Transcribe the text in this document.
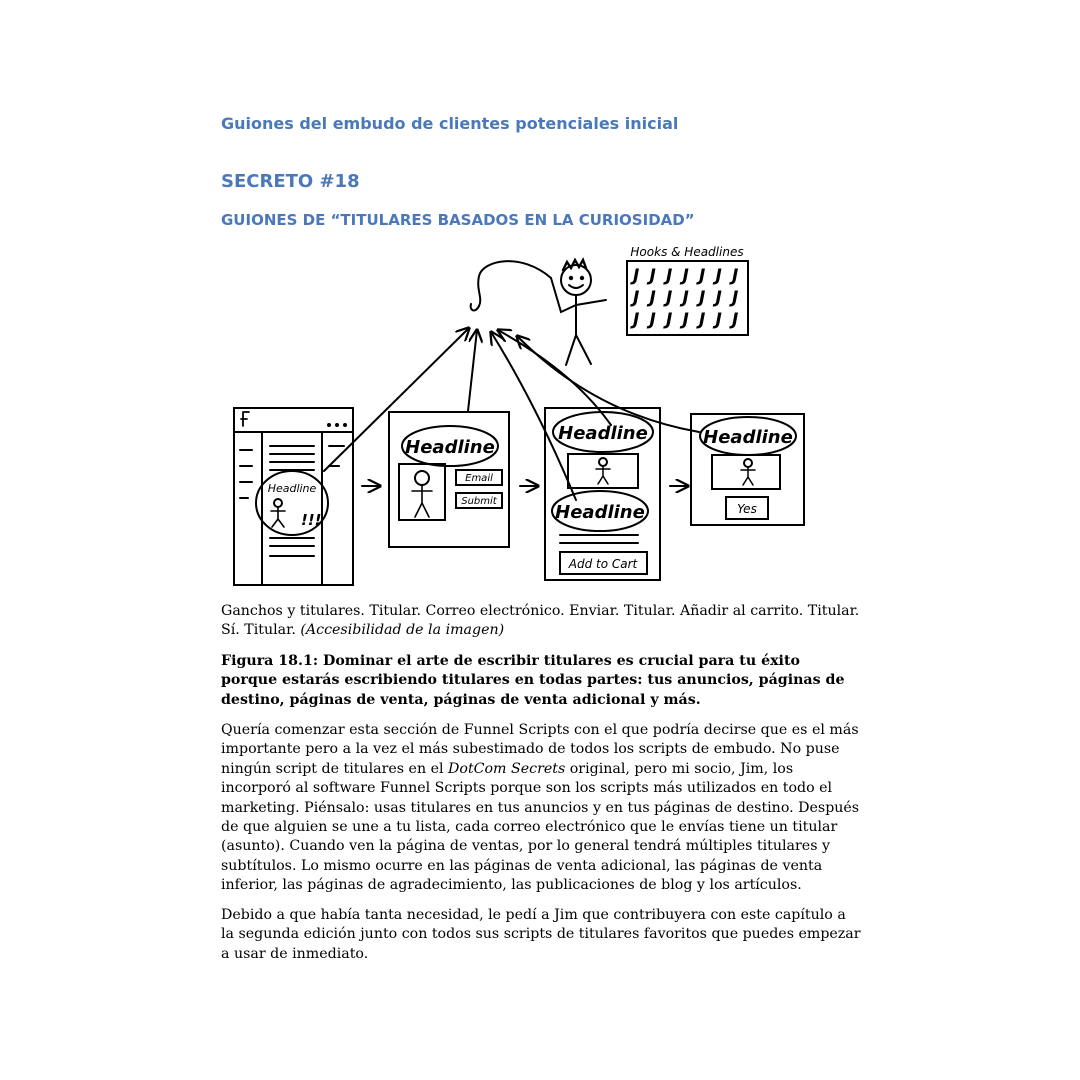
Guiones del embudo de clientes potenciales inicial
SECRETO #18
GUIONES DE “TITULARES BASADOS EN LA CURIOSIDAD”
Hooks & Headlines
J J J J J J J
J J J J J J J
J J J J J J J
Headline
!!!
Headline
Email
Submit
Headline
Headline
Add to Cart
Headline
Yes

Ganchos y titulares. Titular. Correo electrónico. Enviar. Titular. Añadir al carrito. Titular. Sí. Titular. (Accesibilidad de la imagen)

Figura 18.1: Dominar el arte de escribir titulares es crucial para tu éxito porque estarás escribiendo titulares en todas partes: tus anuncios, páginas de destino, páginas de venta, páginas de venta adicional y más.

Quería comenzar esta sección de Funnel Scripts con el que podría decirse que es el más importante pero a la vez el más subestimado de todos los scripts de embudo. No puse ningún script de titulares en el DotCom Secrets original, pero mi socio, Jim, los incorporó al software Funnel Scripts porque son los scripts más utilizados en todo el marketing. Piénsalo: usas titulares en tus anuncios y en tus páginas de destino. Después de que alguien se une a tu lista, cada correo electrónico que le envías tiene un titular (asunto). Cuando ven la página de ventas, por lo general tendrá múltiples titulares y subtítulos. Lo mismo ocurre en las páginas de venta adicional, las páginas de venta inferior, las páginas de agradecimiento, las publicaciones de blog y los artículos.

Debido a que había tanta necesidad, le pedí a Jim que contribuyera con este capítulo a la segunda edición junto con todos sus scripts de titulares favoritos que puedes empezar a usar de inmediato.
